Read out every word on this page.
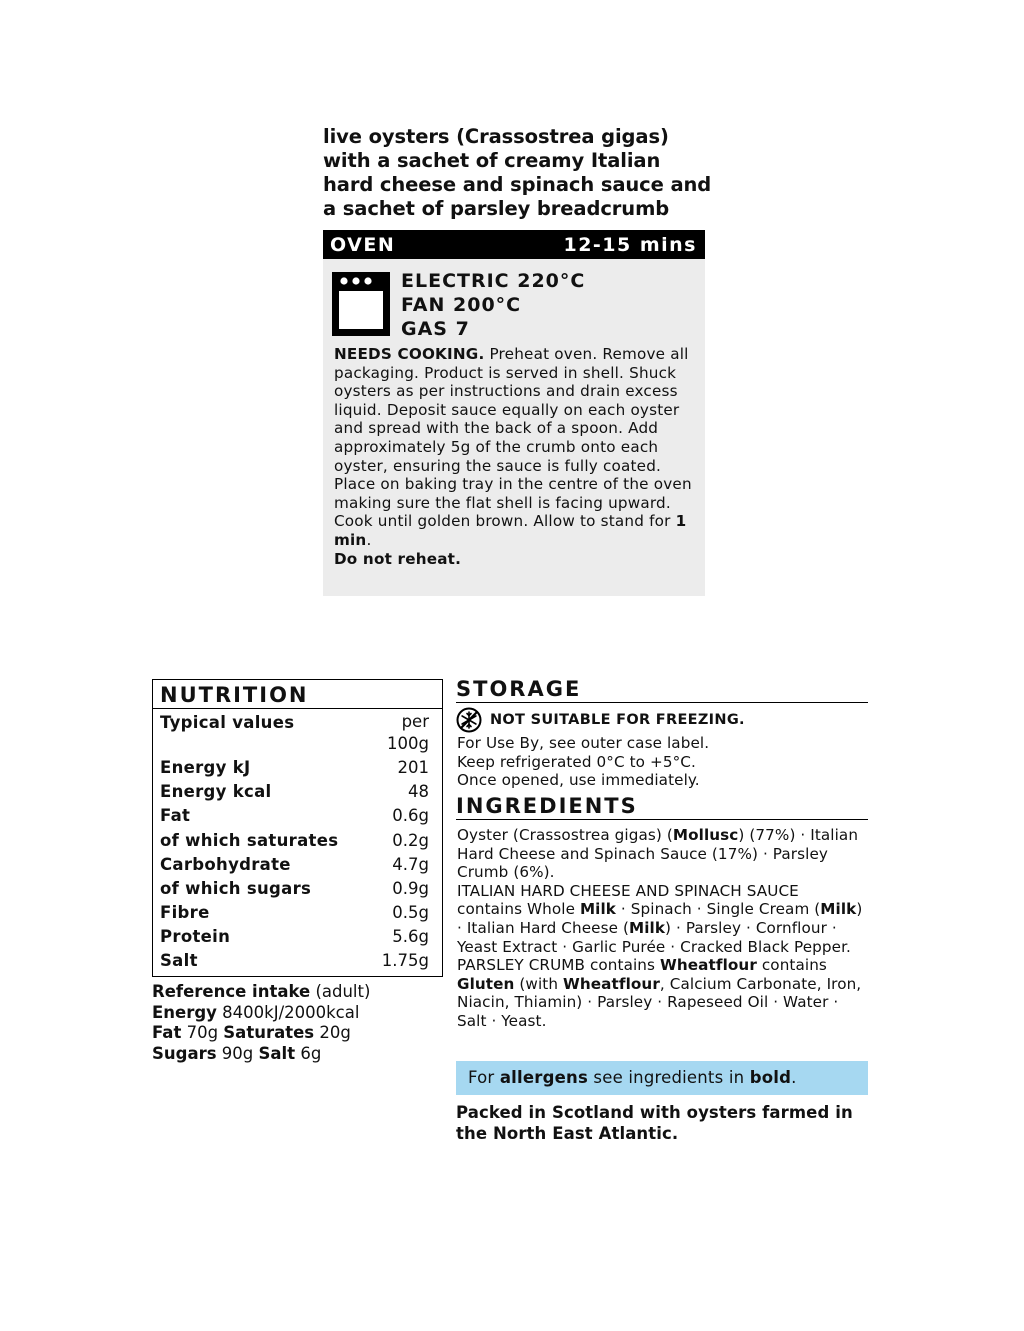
live oysters (Crassostrea gigas) with a sachet of creamy Italian hard cheese and spinach sauce and a sachet of parsley breadcrumb
OVEN	12-15 mins
ELECTRIC 220°C
FAN 200°C
GAS 7
NEEDS COOKING. Preheat oven. Remove all packaging. Product is served in shell. Shuck oysters as per instructions and drain excess liquid. Deposit sauce equally on each oyster and spread with the back of a spoon. Add approximately 5g of the crumb onto each oyster, ensuring the sauce is fully coated. Place on baking tray in the centre of the oven making sure the flat shell is facing upward. Cook until golden brown. Allow to stand for 1 min.
Do not reheat.
NUTRITION
Typical values	per
100g
Energy kJ	201
Energy kcal	48
Fat	0.6g
of which saturates	0.2g
Carbohydrate	4.7g
of which sugars	0.9g
Fibre	0.5g
Protein	5.6g
Salt	1.75g
Reference intake (adult)
Energy 8400kJ/2000kcal
Fat 70g Saturates 20g
Sugars 90g Salt 6g
STORAGE
NOT SUITABLE FOR FREEZING.
For Use By, see outer case label.
Keep refrigerated 0°C to +5°C.
Once opened, use immediately.
INGREDIENTS
Oyster (Crassostrea gigas) (Mollusc) (77%) · Italian Hard Cheese and Spinach Sauce (17%) · Parsley Crumb (6%).
ITALIAN HARD CHEESE AND SPINACH SAUCE contains Whole Milk · Spinach · Single Cream (Milk) · Italian Hard Cheese (Milk) · Parsley · Cornflour · Yeast Extract · Garlic Purée · Cracked Black Pepper.
PARSLEY CRUMB contains Wheatflour contains Gluten (with Wheatflour, Calcium Carbonate, Iron, Niacin, Thiamin) · Parsley · Rapeseed Oil · Water · Salt · Yeast.
For allergens see ingredients in bold.
Packed in Scotland with oysters farmed in the North East Atlantic.
